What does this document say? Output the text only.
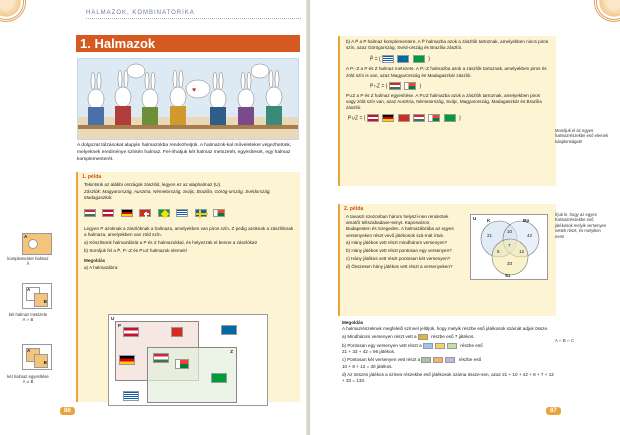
HALMAZOK, KOMBINATORIKA
1. Halmazok
♥
A dolgozat túlzásokat alapján halmazokba rendezhetjük. A halmazok-kal műveleteket végezhetünk, melyeknek eredménye szintén halmaz. Fel-írhatjuk két halmaz metszetét, egyesítését, egy halmaz komplementerét.
1. példa
Tekintsük az alábbi országok zászlóit, legyen ez az alaphalmaz (U).
Zászlók: Magyarország, Ausztria, Németország, Svájc, Brazília, Görög-ország, Svédország, Madagaszkár.

Legyen P azoknak a zászlóknak a halmaza, amelyekben van piros szín, Z pedig azoknak a zászlóknak a halmaza, amelyekben van zöld szín.
a) Készítsünk halmazábrát a P és Z halmazokkal, és helyezzük el benne a zászlókat!
b) Soroljuk fel a P̄, P∩Z és P∪Z halmazok elemeit!
Megoldás
a) A halmazábra:
U
P
Z
A
komplementer halmaz
Ā
A
B
két halmaz metszete
A ∩ B
A
B
két halmaz egyesítése
A ∪ B
86
b) A P̄ a P halmaz komplementere. A P̄ halmazba azok a zászlók tartoznak, amelyekben nincs piros szín, azaz Görögország, Svéd-ország és Brazília zászlói.
P̄ = {	}
A P∩Z a P és Z halmaz metszete. A P∩Z halmazba azok a zászlók tartoznak, amelyekben piros és zöld szín is van, azaz Magyarország és Madagaszkár zászlói.
P∩Z = {	}
P∪Z a P és Z halmaz egyesítése. A P∪Z halmazba azok a zászlók tartoznak, amelyekben piros vagy zöld szín van, azaz Ausztria, Németország, Svájc, Magyarország, Madagaszkár és Brazília zászlói.
P∪Z = {	}
2. példa
A tavaszi szezonban három helyszí-nen rendeztek amatőr teliszabadave-senyt. Kaposváron, Budapesten és Szegeden. A halmazábrába az egyes versenyeken részt vevő játékosok szá-mát írtuk.
a) Hány játékos vett részt mindhárom versenyen?
b) Hány játékos vett részt pontosan egy versenyen?
c) Hány játékos vett részt pontosan két versenyen?
d) Összesen hány játékos vett részt a versenyeken?
U K	Bp
Sz
21
10
42
7
12
33
5
Megoldás
A halmazrészeknek megfelelő színnel jelöljük, hogy melyik részbe eső játékosok számát adjuk össze.
a) Mindhárom versenyen részt vett a	részbe eső 7 játékos.
b) Pontosan egy versenyen vett részt a	részbe eső
21 + 33 + 42 = 96 játékos.
c) Pontosan két versenyen vett részt a	részbe eső
10 + 8 + 12 = 30 játékos.
d) Az összes játékos a színes részekbe eső játékosok száma össze-sen, azaz 21 + 10 + 42 + 8 + 7 + 12 + 33 = 133.
87
Mondjuk el az egyes halmazrészekbe eső elemek tulajdonságait!
Írjuk le, hogy az egyes halmazrészekbe eső játékosok melyik versenyen vettek részt, és melyiken nem!
A ∩ B ∩ C
